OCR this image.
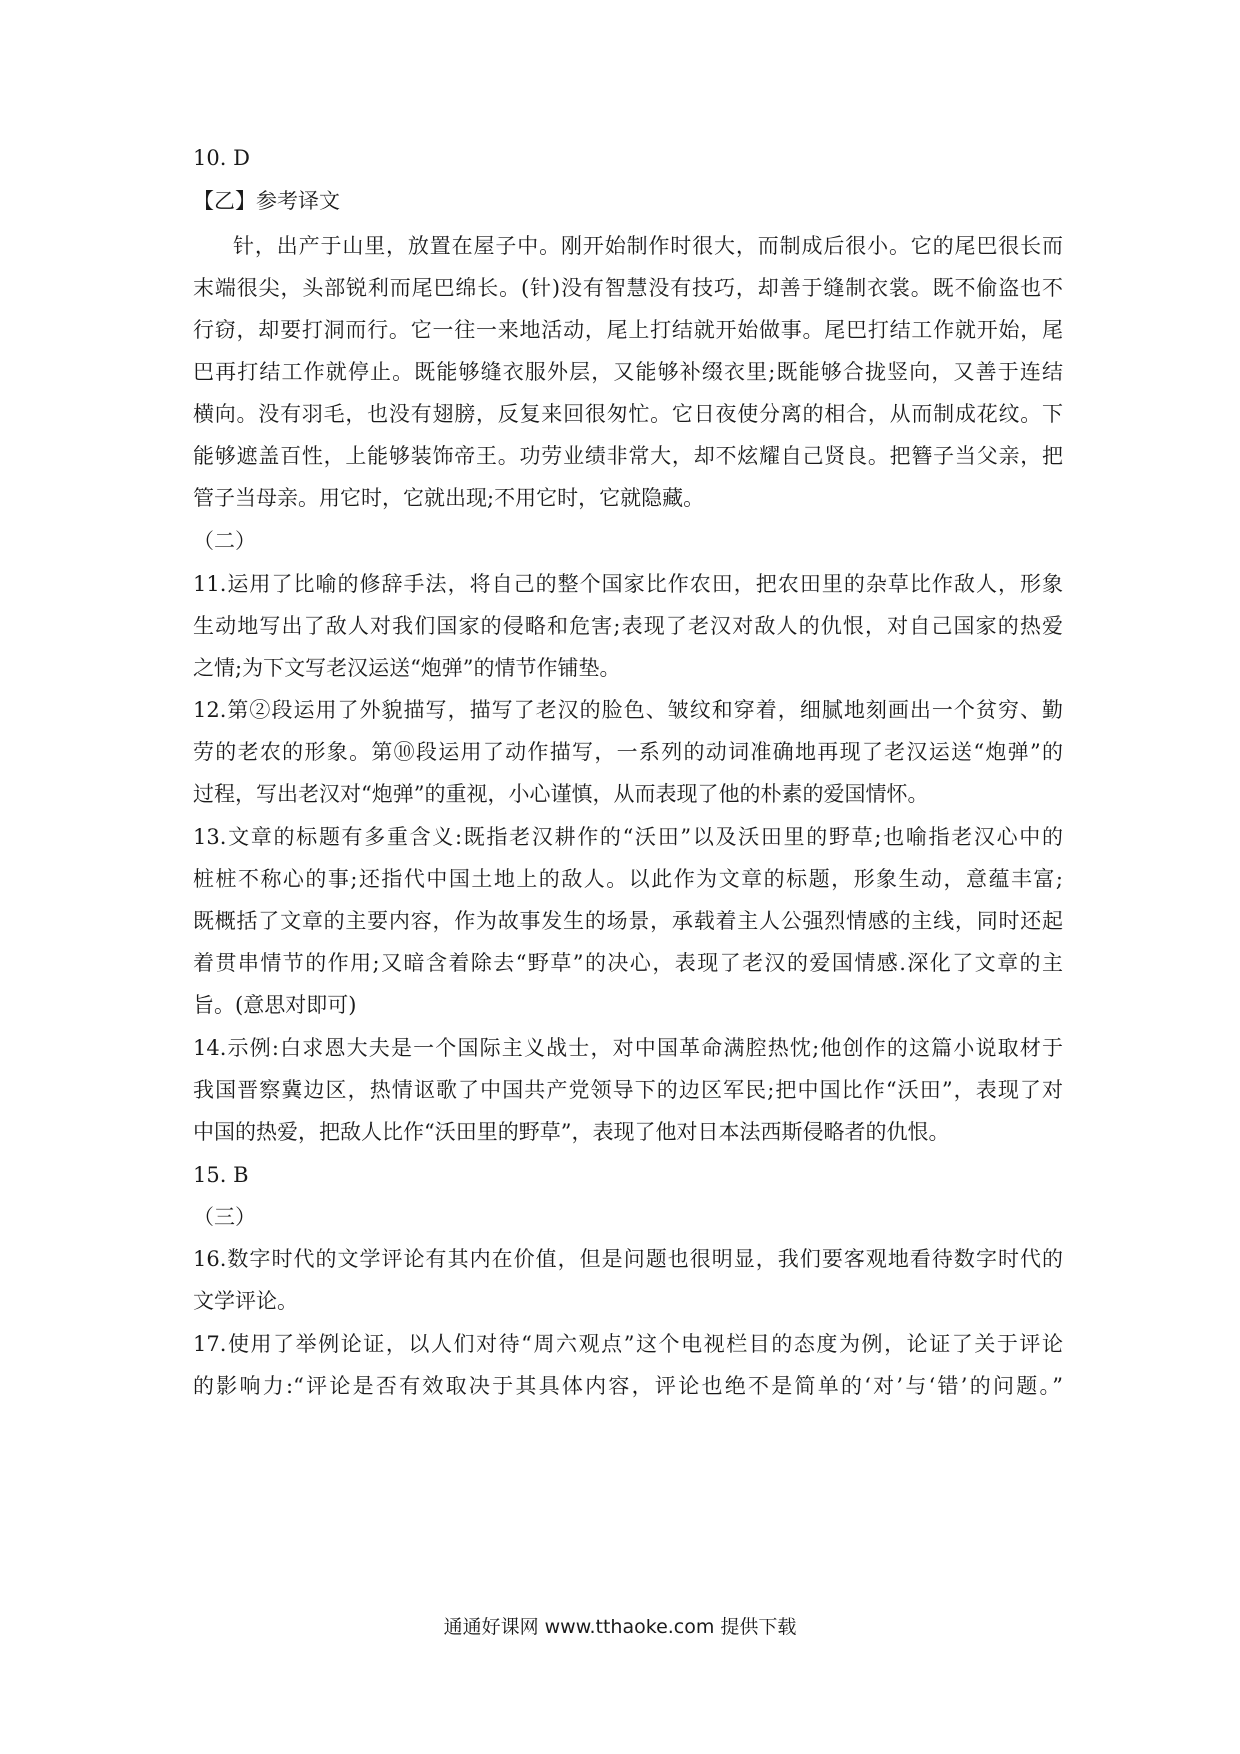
10. D
【乙】参考译文
针，出产于山里，放置在屋子中。刚开始制作时很大，而制成后很小。它的尾巴很长而
末端很尖，头部锐利而尾巴绵长。(针)没有智慧没有技巧，却善于缝制衣裳。既不偷盗也不
行窃，却要打洞而行。它一往一来地活动，尾上打结就开始做事。尾巴打结工作就开始，尾
巴再打结工作就停止。既能够缝衣服外层，又能够补缀衣里;既能够合拢竖向，又善于连结
横向。没有羽毛，也没有翅膀，反复来回很匆忙。它日夜使分离的相合，从而制成花纹。下
能够遮盖百性，上能够装饰帝王。功劳业绩非常大，却不炫耀自己贤良。把簪子当父亲，把
管子当母亲。用它时，它就出现;不用它时，它就隐藏。
（二）
11.运用了比喻的修辞手法，将自己的整个国家比作农田，把农田里的杂草比作敌人，形象
生动地写出了敌人对我们国家的侵略和危害;表现了老汉对敌人的仇恨，对自己国家的热爱
之情;为下文写老汉运送“炮弹”的情节作铺垫。
12.第②段运用了外貌描写，描写了老汉的脸色、皱纹和穿着，细腻地刻画出一个贫穷、勤
劳的老农的形象。第⑩段运用了动作描写，一系列的动词准确地再现了老汉运送“炮弹”的
过程，写出老汉对“炮弹”的重视，小心谨慎，从而表现了他的朴素的爱国情怀。
13.文章的标题有多重含义:既指老汉耕作的“沃田”以及沃田里的野草;也喻指老汉心中的
桩桩不称心的事;还指代中国土地上的敌人。以此作为文章的标题，形象生动，意蕴丰富;
既概括了文章的主要内容，作为故事发生的场景，承载着主人公强烈情感的主线，同时还起
着贯串情节的作用;又暗含着除去“野草”的决心，表现了老汉的爱国情感.深化了文章的主
旨。(意思对即可)
14.示例:白求恩大夫是一个国际主义战士，对中国革命满腔热忱;他创作的这篇小说取材于
我国晋察冀边区，热情讴歌了中国共产党领导下的边区军民;把中国比作“沃田”，表现了对
中国的热爱，把敌人比作“沃田里的野草”，表现了他对日本法西斯侵略者的仇恨。
15. B
（三）
16.数字时代的文学评论有其内在价值，但是问题也很明显，我们要客观地看待数字时代的
文学评论。
17.使用了举例论证，以人们对待“周六观点”这个电视栏目的态度为例，论证了关于评论
的影响力:“评论是否有效取决于其具体内容，评论也绝不是简单的‘对’与‘错’的问题。”
通通好课网 www.tthaoke.com 提供下载
